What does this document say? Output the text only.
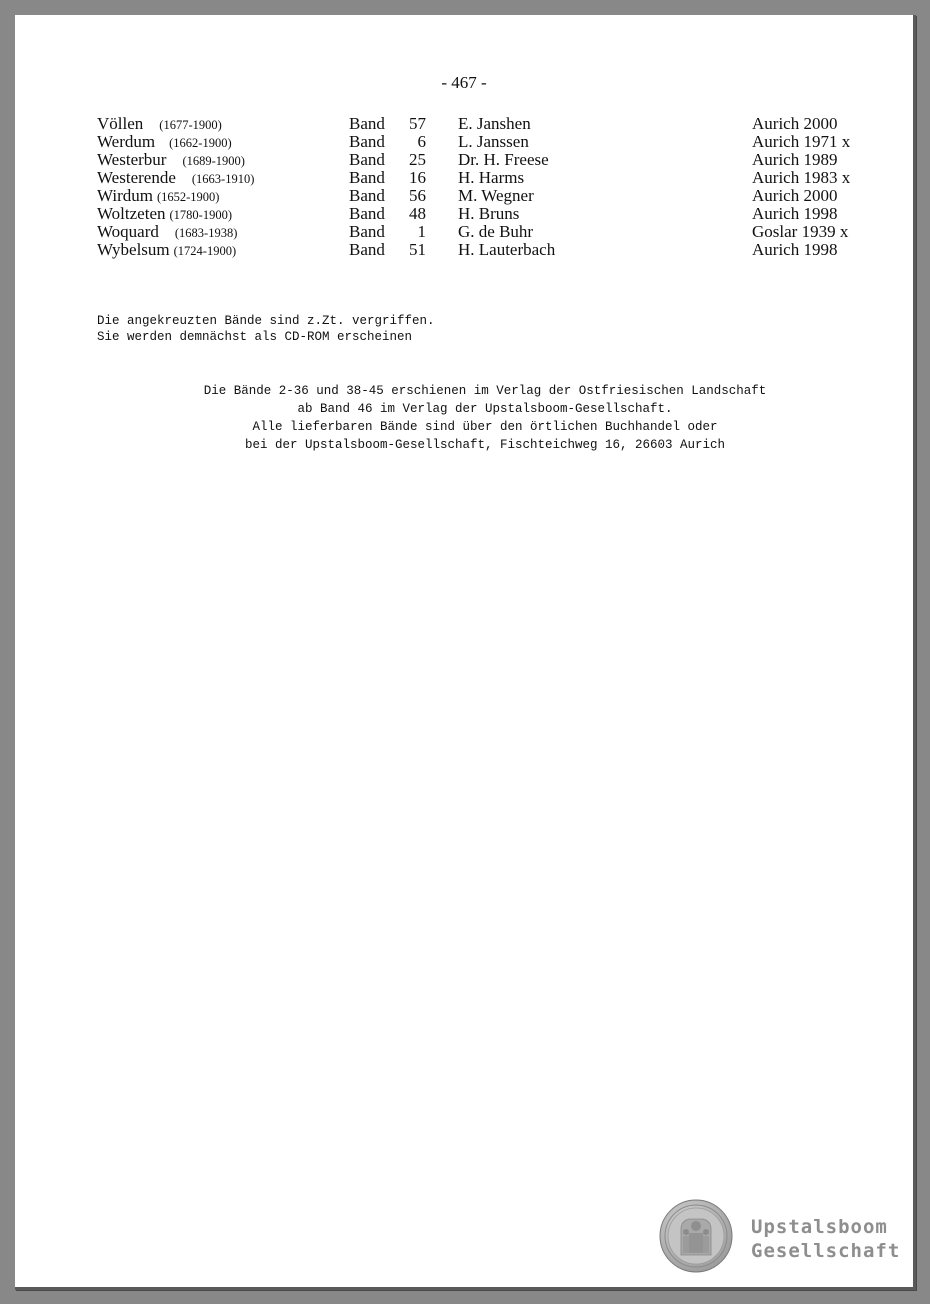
- 467 -
Völlen (1677-1900)	Band	57 E. Janshen	Aurich 2000
Werdum (1662-1900)	Band	6 L. Janssen	Aurich 1971 x
Westerbur (1689-1900)	Band	25 Dr. H. Freese	Aurich 1989
Westerende (1663-1910)	Band	16 H. Harms	Aurich 1983 x
Wirdum (1652-1900)	Band	56 M. Wegner	Aurich 2000
Woltzeten (1780-1900)	Band	48 H. Bruns	Aurich 1998
Woquard (1683-1938)	Band	1 G. de Buhr	Goslar 1939 x
Wybelsum (1724-1900)	Band	51 H. Lauterbach	Aurich 1998
Die angekreuzten Bände sind z.Zt. vergriffen.
Sie werden demnächst als CD-ROM erscheinen
Die Bände 2-36 und 38-45 erschienen im Verlag der Ostfriesischen Landschaft
ab Band 46 im Verlag der Upstalsboom-Gesellschaft.
Alle lieferbaren Bände sind über den örtlichen Buchhandel oder
bei der Upstalsboom-Gesellschaft, Fischteichweg 16, 26603 Aurich
Upstalsboom
Gesellschaft
